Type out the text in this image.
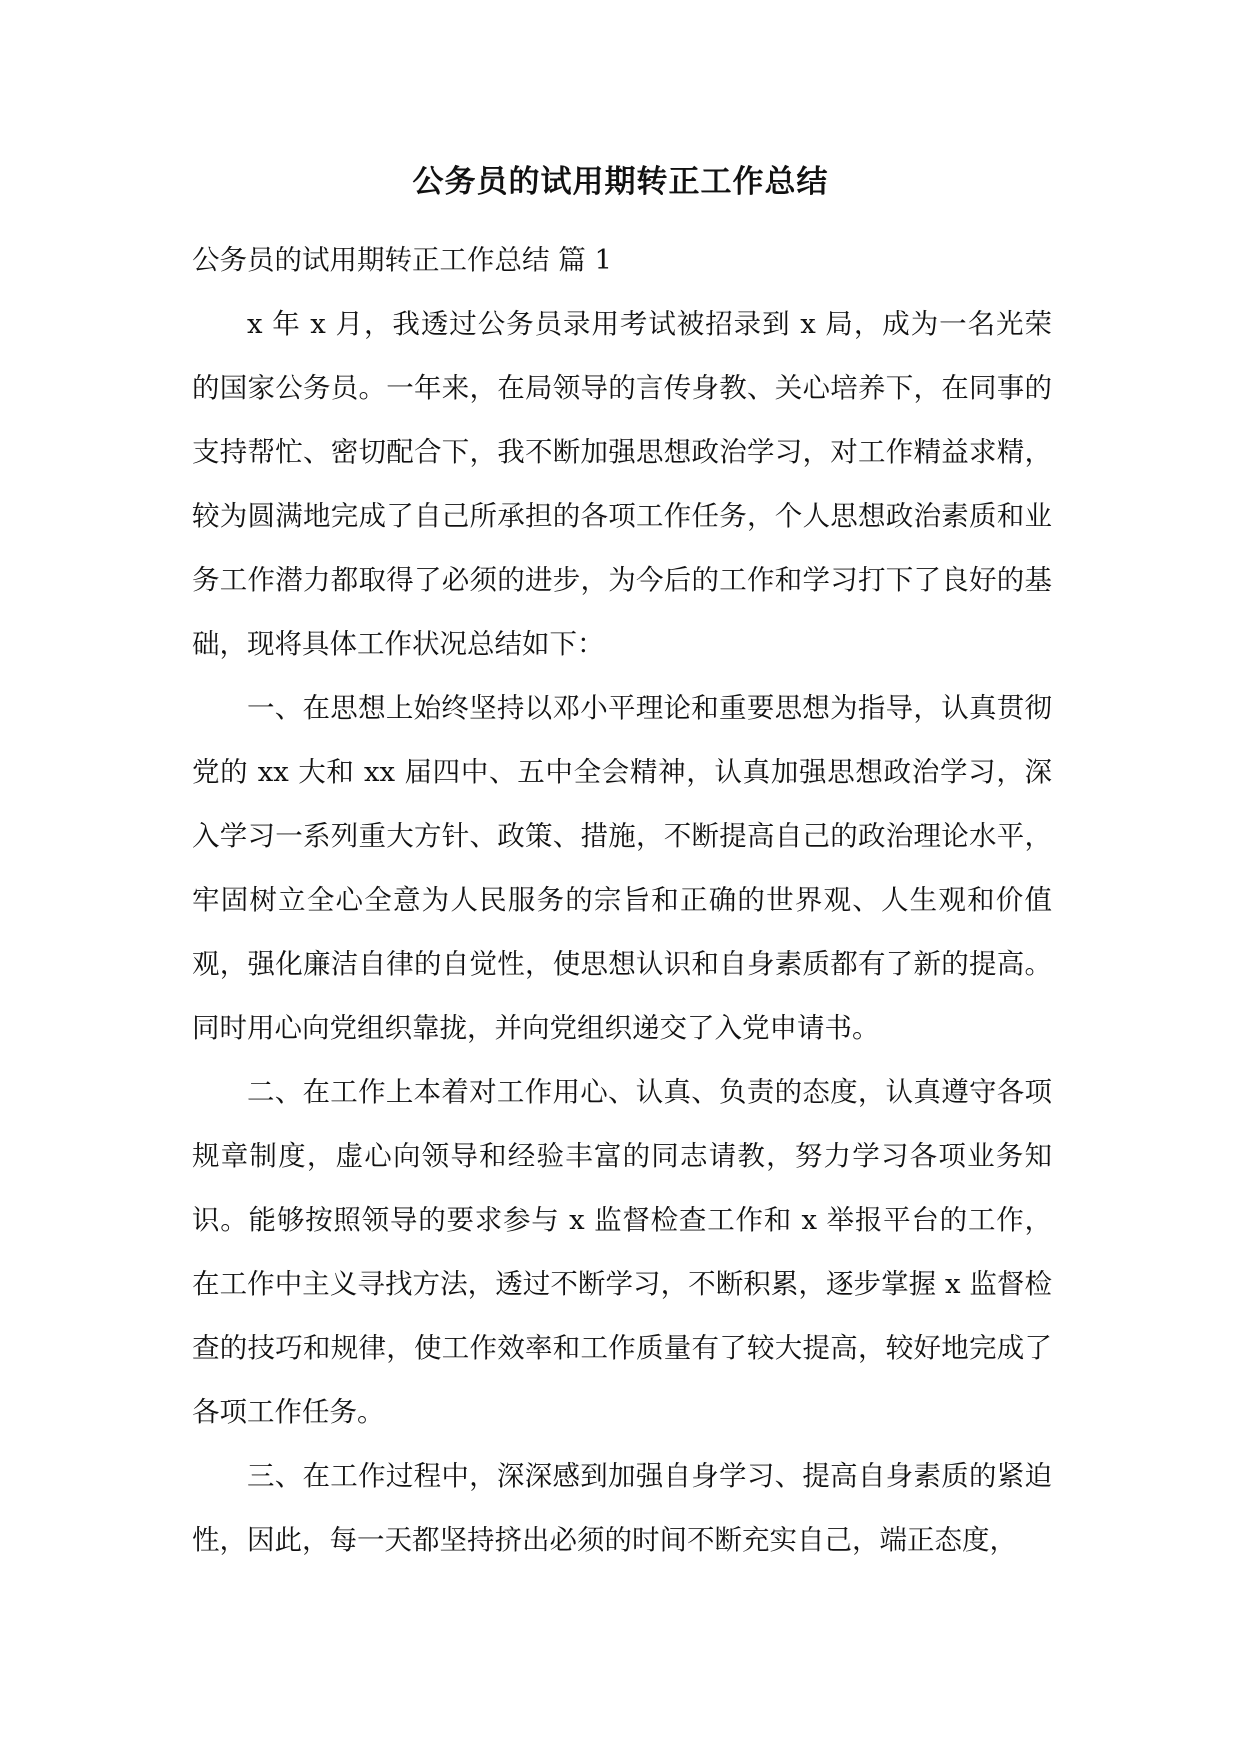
公务员的试用期转正工作总结

公务员的试用期转正工作总结 篇 1

x 年 x 月，我透过公务员录用考试被招录到 x 局，成为一名光荣的国家公务员。一年来，在局领导的言传身教、关心培养下，在同事的支持帮忙、密切配合下，我不断加强思想政治学习，对工作精益求精，较为圆满地完成了自己所承担的各项工作任务，个人思想政治素质和业务工作潜力都取得了必须的进步，为今后的工作和学习打下了良好的基础，现将具体工作状况总结如下：

一、在思想上始终坚持以邓小平理论和重要思想为指导，认真贯彻党的 xx 大和 xx 届四中、五中全会精神，认真加强思想政治学习，深入学习一系列重大方针、政策、措施，不断提高自己的政治理论水平，牢固树立全心全意为人民服务的宗旨和正确的世界观、人生观和价值观，强化廉洁自律的自觉性，使思想认识和自身素质都有了新的提高。同时用心向党组织靠拢，并向党组织递交了入党申请书。

二、在工作上本着对工作用心、认真、负责的态度，认真遵守各项规章制度，虚心向领导和经验丰富的同志请教，努力学习各项业务知识。能够按照领导的要求参与 x 监督检查工作和 x 举报平台的工作，在工作中主义寻找方法，透过不断学习，不断积累，逐步掌握 x 监督检查的技巧和规律，使工作效率和工作质量有了较大提高，较好地完成了各项工作任务。

三、在工作过程中，深深感到加强自身学习、提高自身素质的紧迫性，因此，每一天都坚持挤出必须的时间不断充实自己，端正态度，
